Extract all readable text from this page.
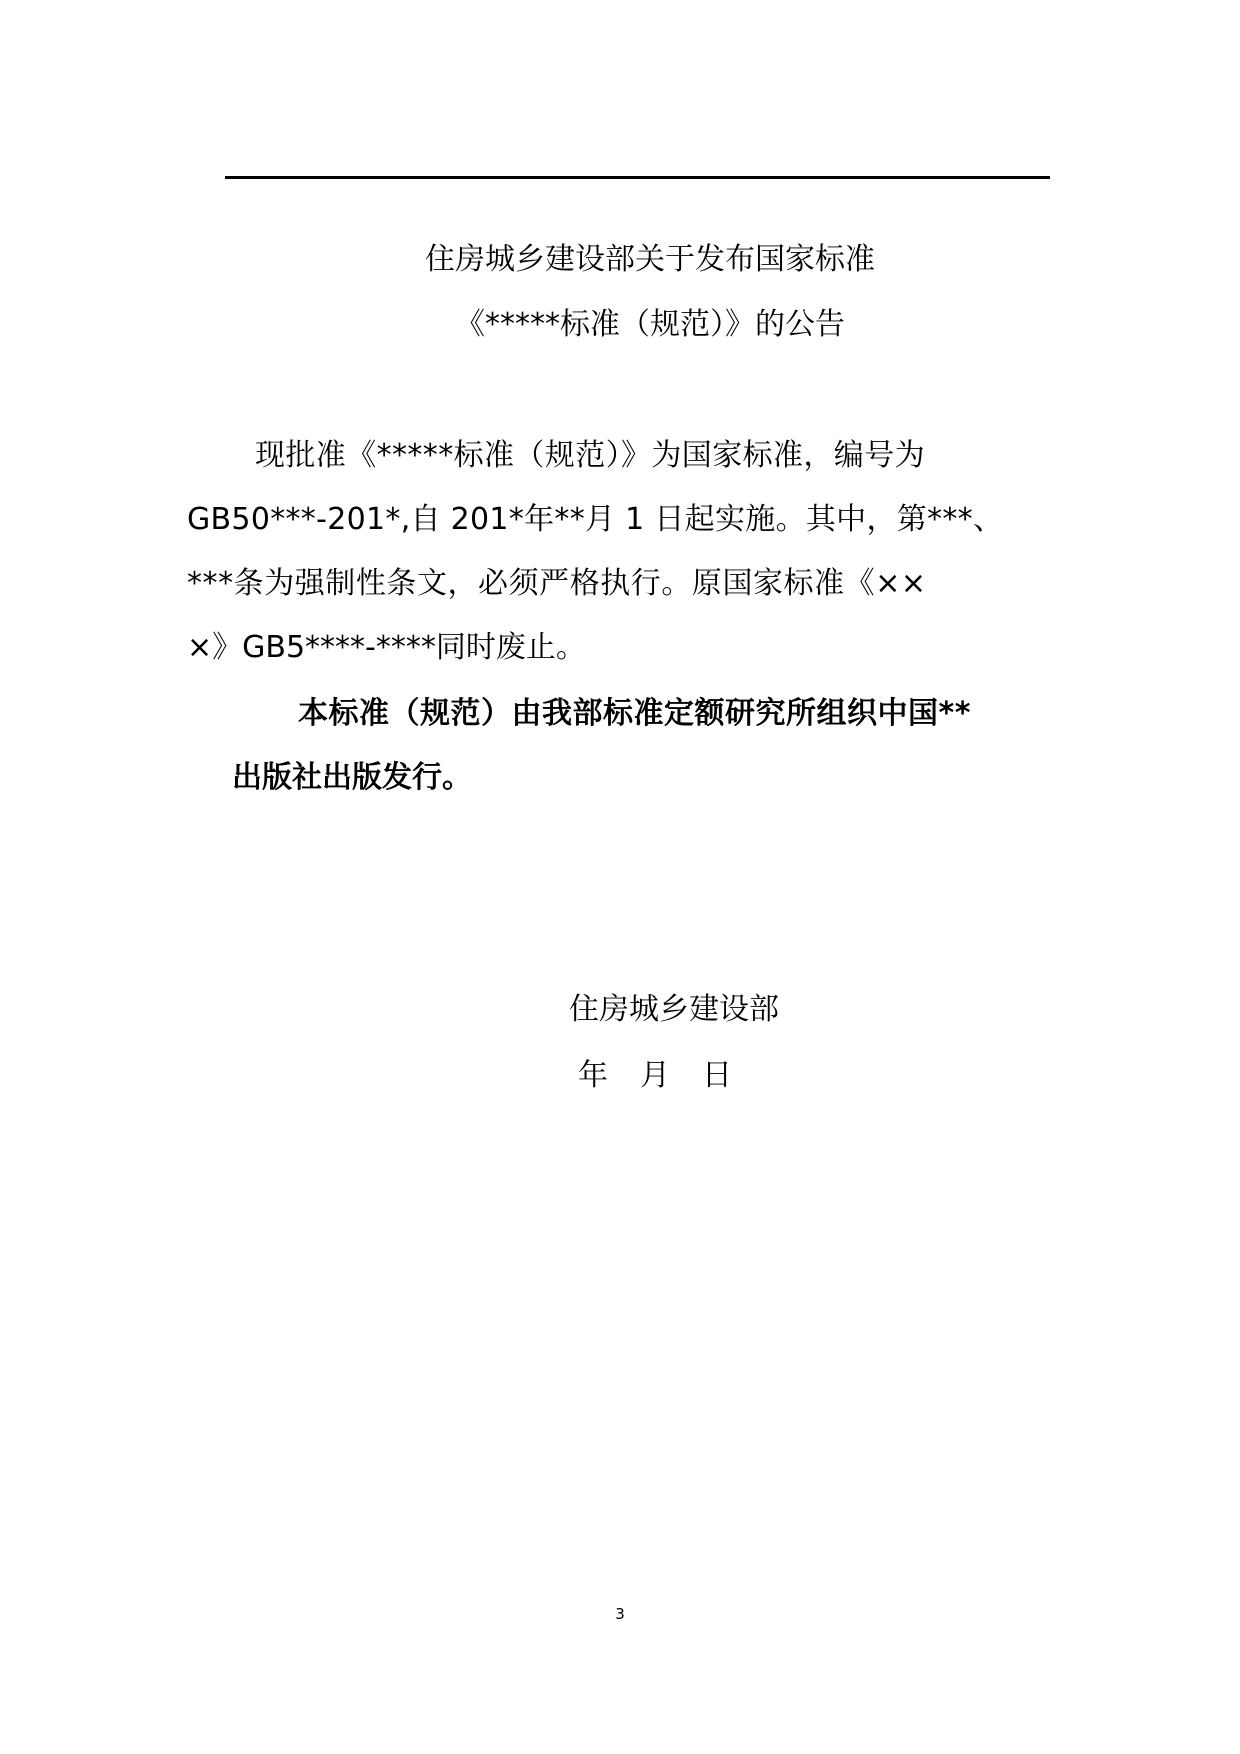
住房城乡建设部关于发布国家标准
《*****标准（规范）》的公告

现批准《*****标准（规范）》为国家标准，编号为

GB50***-201*,自 201*年**月 1 日起实施。其中，第***、

***条为强制性条文，必须严格执行。原国家标准《××

×》GB5****-****同时废止。

本标准（规范）由我部标准定额研究所组织中国**

出版社出版发行。

住房城乡建设部

年 月 日

3
